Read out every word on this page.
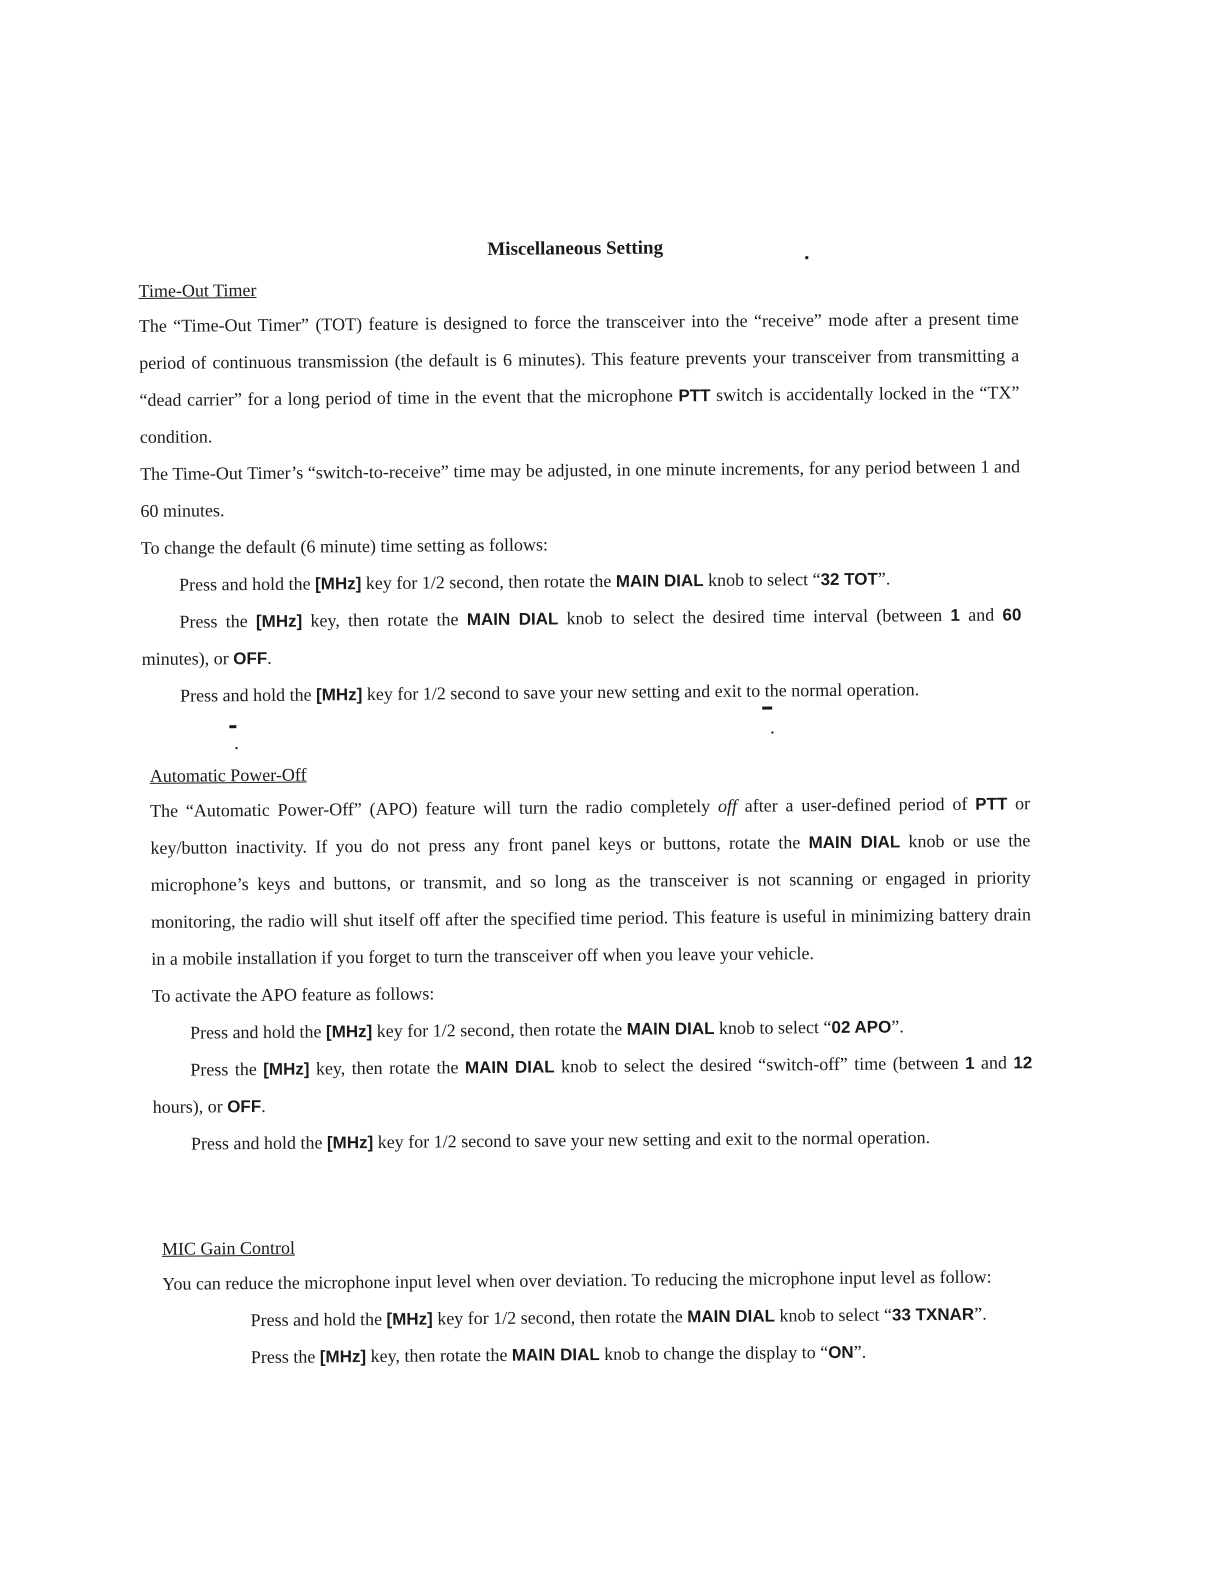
Miscellaneous Setting
Time-Out Timer
The “Time-Out Timer” (TOT) feature is designed to force the transceiver into the “receive” mode after a present time period of continuous transmission (the default is 6 minutes). This feature prevents your transceiver from transmitting a “dead carrier” for a long period of time in the event that the microphone PTT switch is accidentally locked in the “TX” condition.
The Time-Out Timer’s “switch-to-receive” time may be adjusted, in one minute increments, for any period between 1 and 60 minutes.
To change the default (6 minute) time setting as follows:
Press and hold the [MHz] key for 1/2 second, then rotate the MAIN DIAL knob to select “32 TOT”.
Press the [MHz] key, then rotate the MAIN DIAL knob to select the desired time interval (between 1 and 60 minutes), or OFF.
Press and hold the [MHz] key for 1/2 second to save your new setting and exit to the normal operation.
Automatic Power-Off
The “Automatic Power-Off” (APO) feature will turn the radio completely off after a user-defined period of PTT or key/button inactivity. If you do not press any front panel keys or buttons, rotate the MAIN DIAL knob or use the microphone’s keys and buttons, or transmit, and so long as the transceiver is not scanning or engaged in priority monitoring, the radio will shut itself off after the specified time period. This feature is useful in minimizing battery drain in a mobile installation if you forget to turn the transceiver off when you leave your vehicle.
To activate the APO feature as follows:
Press and hold the [MHz] key for 1/2 second, then rotate the MAIN DIAL knob to select “02 APO”.
Press the [MHz] key, then rotate the MAIN DIAL knob to select the desired “switch-off” time (between 1 and 12 hours), or OFF.
Press and hold the [MHz] key for 1/2 second to save your new setting and exit to the normal operation.
MIC Gain Control
You can reduce the microphone input level when over deviation. To reducing the microphone input level as follow:
Press and hold the [MHz] key for 1/2 second, then rotate the MAIN DIAL knob to select “33 TXNAR”.
Press the [MHz] key, then rotate the MAIN DIAL knob to change the display to “ON”.
